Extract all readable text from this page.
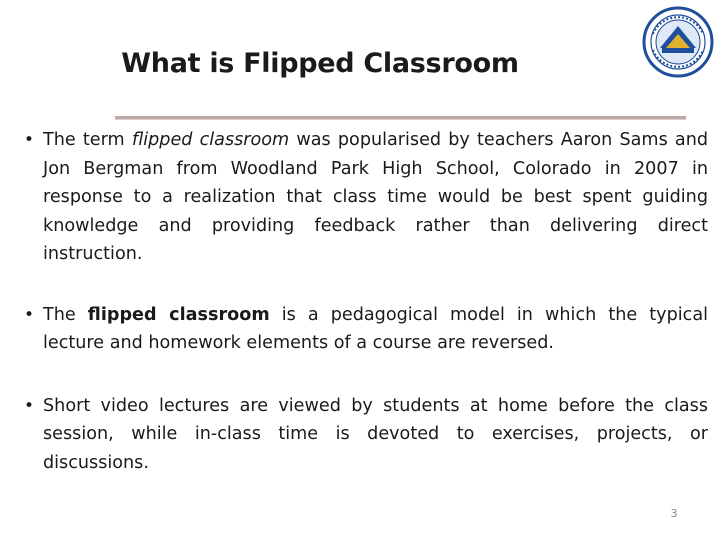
What is Flipped Classroom
• The term flipped classroom was popularised by teachers Aaron Sams and Jon Bergman from Woodland Park High School, Colorado in 2007 in response to a realization that class time would be best spent guiding knowledge and providing feedback rather than delivering direct instruction.
• The flipped classroom is a pedagogical model in which the typical lecture and homework elements of a course are reversed.
• Short video lectures are viewed by students at home before the class session, while in-class time is devoted to exercises, projects, or discussions.
3
